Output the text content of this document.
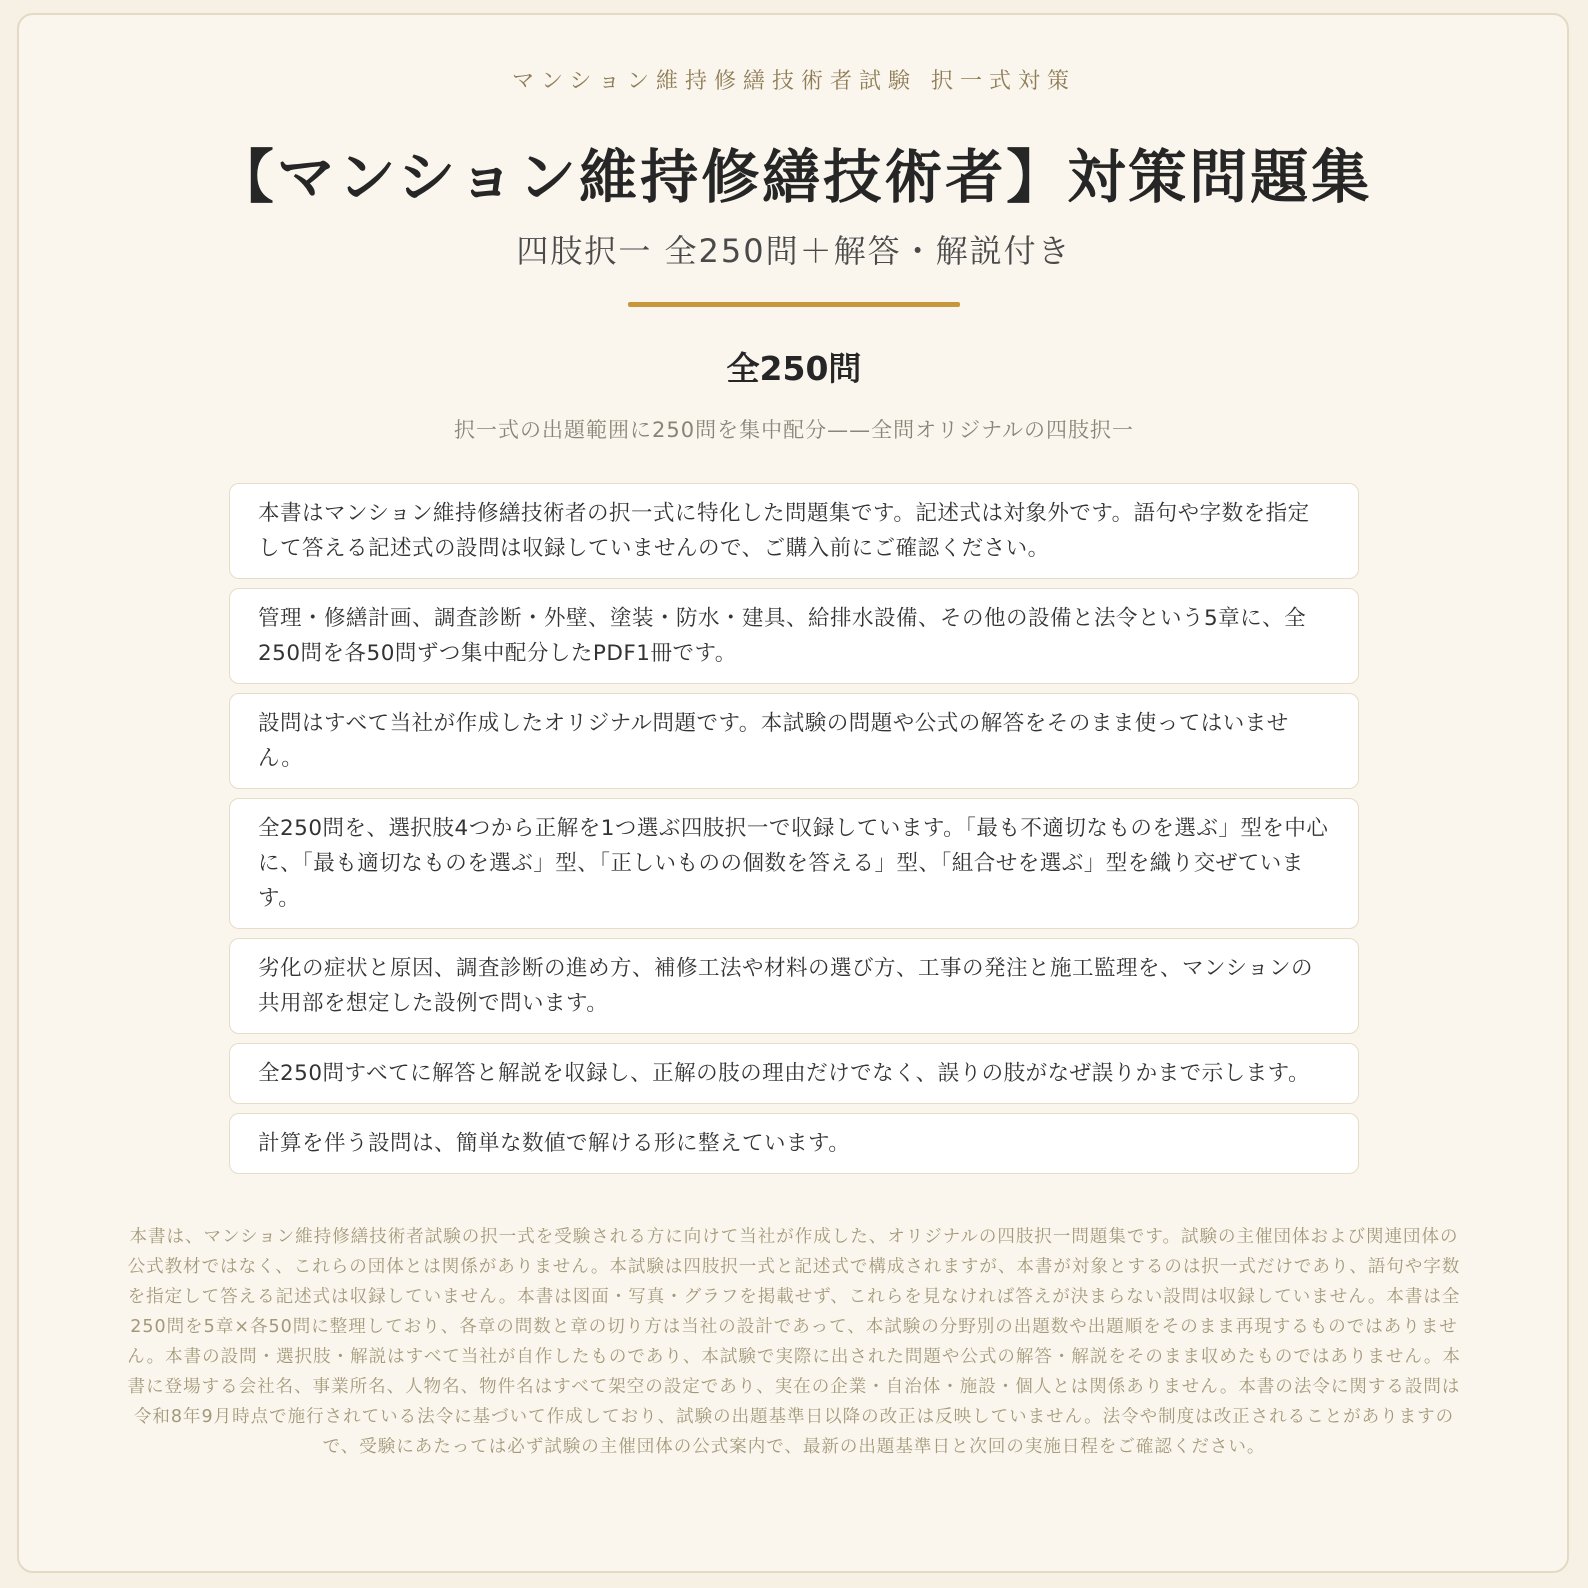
マンション維持修繕技術者試験 択一式対策
【マンション維持修繕技術者】対策問題集
四肢択一 全250問＋解答・解説付き
全250問
択一式の出題範囲に250問を集中配分——全問オリジナルの四肢択一
本書はマンション維持修繕技術者の択一式に特化した問題集です。記述式は対象外です。語句や字数を指定して答える記述式の設問は収録していませんので、ご購入前にご確認ください。
管理・修繕計画、調査診断・外壁、塗装・防水・建具、給排水設備、その他の設備と法令という5章に、全250問を各50問ずつ集中配分したPDF1冊です。
設問はすべて当社が作成したオリジナル問題です。本試験の問題や公式の解答をそのまま使ってはいません。
全250問を、選択肢4つから正解を1つ選ぶ四肢択一で収録しています。「最も不適切なものを選ぶ」型を中心に、「最も適切なものを選ぶ」型、「正しいものの個数を答える」型、「組合せを選ぶ」型を織り交ぜています。
劣化の症状と原因、調査診断の進め方、補修工法や材料の選び方、工事の発注と施工監理を、マンションの共用部を想定した設例で問います。
全250問すべてに解答と解説を収録し、正解の肢の理由だけでなく、誤りの肢がなぜ誤りかまで示します。
計算を伴う設問は、簡単な数値で解ける形に整えています。
本書は、マンション維持修繕技術者試験の択一式を受験される方に向けて当社が作成した、オリジナルの四肢択一問題集です。試験の主催団体および関連団体の公式教材ではなく、これらの団体とは関係がありません。本試験は四肢択一式と記述式で構成されますが、本書が対象とするのは択一式だけであり、語句や字数を指定して答える記述式は収録していません。本書は図面・写真・グラフを掲載せず、これらを見なければ答えが決まらない設問は収録していません。本書は全250問を5章×各50問に整理しており、各章の問数と章の切り方は当社の設計であって、本試験の分野別の出題数や出題順をそのまま再現するものではありません。本書の設問・選択肢・解説はすべて当社が自作したものであり、本試験で実際に出された問題や公式の解答・解説をそのまま収めたものではありません。本書に登場する会社名、事業所名、人物名、物件名はすべて架空の設定であり、実在の企業・自治体・施設・個人とは関係ありません。本書の法令に関する設問は令和8年9月時点で施行されている法令に基づいて作成しており、試験の出題基準日以降の改正は反映していません。法令や制度は改正されることがありますので、受験にあたっては必ず試験の主催団体の公式案内で、最新の出題基準日と次回の実施日程をご確認ください。
